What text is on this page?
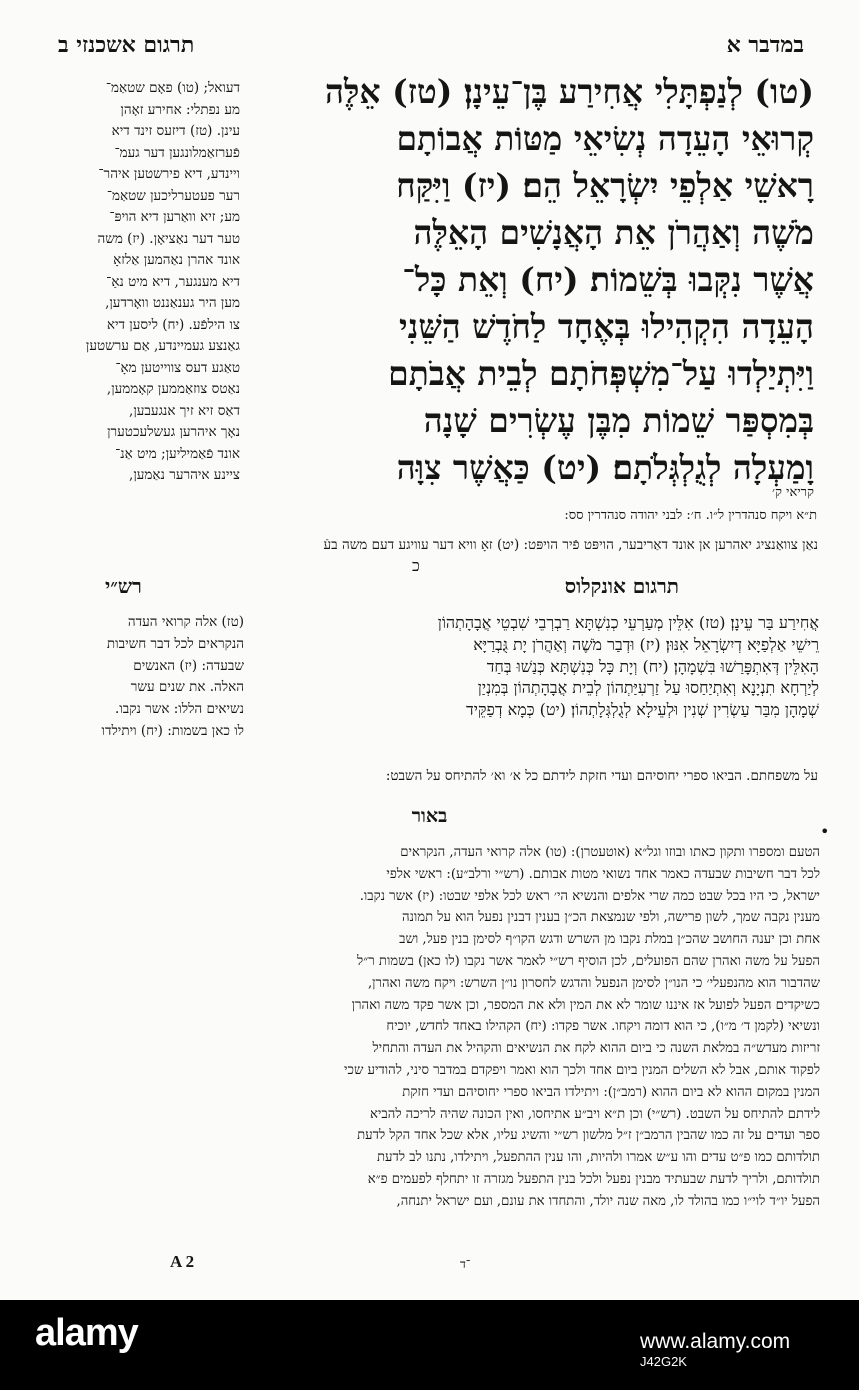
במדבר א
תרגום אשכנזי ב
דעואל; (טו) פאָם שטאַמ־
מע נפתלי: אחירע זאָהן
עינן. (טז) דיזעס זינד דיא
פֿערזאַמלונגען דער געמ־
ויינדע, דיא פירשטען איהר־
רער פעטערליכען שטאַמ־
מע; זיא וואַרען דיא הויפּ־
טער דער נאַציאָן. (יז) משה
אונד אהרן נאַהמען אַלזאָ
דיא מענגער, דיא מיט נאַ־
מען היר גענאַננט וואָרדען,
צו הילפֿע. (יח) ליסען דיא
גאַנצע געמיינדע, אַם ערשטען
טאַגע דעס צווייטען מאָ־
נאַטס צוזאַממען קאָממען,
דאַס זיא זיך אנגעבען,
נאָך איהרען געשלעכטערן
אונד פֿאַמיליען; מיט אַנ־
ציינע איהרער נאַמען,
(טו) לְנַפְתָּלִי אֲחִירַע בֶּן־עֵינָן׃ (טז) אֵלֶּה
קְרוּאֵי הָעֵדָה נְשִׂיאֵי מַטּוֹת אֲבוֹתָם
רָאשֵׁי אַלְפֵי יִשְׂרָאֵל הֵם׃ (יז) וַיִּקַּח
מֹשֶׁה וְאַהֲרֹן אֵת הָאֲנָשִׁים הָאֵלֶּה
אֲשֶׁר נִקְּבוּ בְּשֵׁמוֹת׃ (יח) וְאֵת כָּל־
הָעֵדָה הִקְהִילוּ בְּאֶחָד לַחֹדֶשׁ הַשֵּׁנִי
וַיִּתְיַלְדוּ עַל־מִשְׁפְּחֹתָם לְבֵית אֲבֹתָם
בְּמִסְפַּר שֵׁמוֹת מִבֶּן עֶשְׂרִים שָׁנָה
וָמַעְלָה לְגֻלְגְּלֹתָם׃ (יט) כַּאֲשֶׁר צִוָּה
קריאי ק׳
ת״א ויקח סנהדרין ל״ו. ח׳: לבני יהודה סנהדרין סס:
נאַן צוואַנציג יאהרען אן אונד דאַריבער, הויפּט פֿיר הויפּט: (יט) זאָ וויא דער עוויגע דעם משה בעֿ
כ
תרגום אונקלוס
רש״י
אֲחִירַע בַּר עֵינָן׃ (טז) אִלֵּין מְעַרְעֵי כְנִשְׁתָּא רַבְרְבֵי שִׁבְטֵי אֲבָהָתְהוֹן
רֵישֵׁי אַלְפַיָּא דְיִשְׂרָאֵל אִנּוּן׃ (יז) וּדְבַר מֹשֶׁה וְאַהֲרֹן יָת גֻּבְרַיָּא
הָאִלֵּין דְּאִתְפָּרַשׁוּ בִּשְׁמָהָן׃ (יח) וְיָת כָּל כְּנִשְׁתָּא כְּנַשׁוּ בְּחַד
לְיַרְחָא תִנְיָנָא וְאִתְיַחַסוּ עַל זַרְעִיַּתְהוֹן לְבֵית אֲבָהָתְהוֹן בְּמִנְיַן
שְׁמָהָן מִבַּר עַשְׂרִין שְׁנִין וּלְעֵילָא לְגֻלְגְּלָתְהוֹן׃ (יט) כְּמָא דְפַקֵּיד
(טז) אלה קרואי העדה
הנקראים לכל דבר חשיבות
שבעדה: (יז) האנשים
האלה. את שנים עשר
נשיאים הללו: אשר נקבו.
לו כאן בשמות: (יח) ויתילדו
על משפחתם. הביאו ספרי יחוסיהם ועדי חזקת לידתם כל א׳ וא׳ להתיחס על השבט:
באור
•
הטעם ומספרו ותקון כאתו ובוזו וגל״א (אוטעטרן): (טו) אלה קרואי העדה, הנקראים
לכל דבר חשיבות שבעדה כאמר אחד נשואי מטות אבותם. (רש״י ורלב״ע): ראשי אלפי
ישראל, כי היו בכל שבט כמה שרי אלפים והנשיא הי׳ ראש לכל אלפי שבטו: (יז) אשר נקבו.
מענין נקבה שמך, לשון פרישה, ולפי שנמצאת הכ״ן בענין דבנין נפעל הוא על תמונה
אחת וכן יענה החושב שהכ״ן במלת נקבו מן השרש ודגש הקו״ף לסימן בנין פעל, ושב
הפעל על משה ואהרן שהם הפועלים, לכן הוסיף רש״י לאמר אשר נקבו (לו כאן) בשמות ר״ל
שהדבור הוא מהנפעלי׳ כי הנו״ן לסימן הנפעל והדגש לחסרון נו״ן השרש: ויקח משה ואהרן,
כשיקדים הפעל לפועל אז איננו שומר לא את המין ולא את המספר, וכן אשר פקד משה ואהרן
ונשיאי (לקמן ד׳ מ״ו), כי הוא דומה ויקחו. אשר פקדו: (יח) הקהילו באחד לחדש, יוכיח
זריזות מעדש״ה במלאת השנה כי ביום ההוא לקח את הנשיאים והקהיל את העדה והתחיל
לפקוד אותם, אבל לא השלים המנין ביום אחד ולכך הוא ואמר ויפקדם במדבר סיני, להודיע שכי
המנין במקום ההוא לא ביום ההוא (רמב״ן): ויתילדו הביאו ספרי יחוסיהם ועדי חזקת
לידתם להתיחס על השבט. (רש״י) וכן ת״א ויב״ע אתיחסו, ואין הכונה שהיה לריכה להביא
ספר ועדים על זה כמו שהבין הרמב״ן ז״ל מלשון רש״י והשיג עליו, אלא שכל אחד הקל לדעת
תולדותם כמו פ״ט עדים והו ע״ש אמרו ולהיות, והו ענין ההתפעל, ויתילדו, נתנו לב לדעת
תולדותם, ולריך לדעת שבעתיד מבנין נפעל ולכל בנין התפעל מגזרה זו יתחלף לפעמים פ״א
הפעל יו״ד לוי״ו כמו בהולד לו, מאה שנה יולד, והתחדו את עונם, ועם ישראל יתנחה,
A 2	־ד
alamy	www.alamy.com
J42G2K
